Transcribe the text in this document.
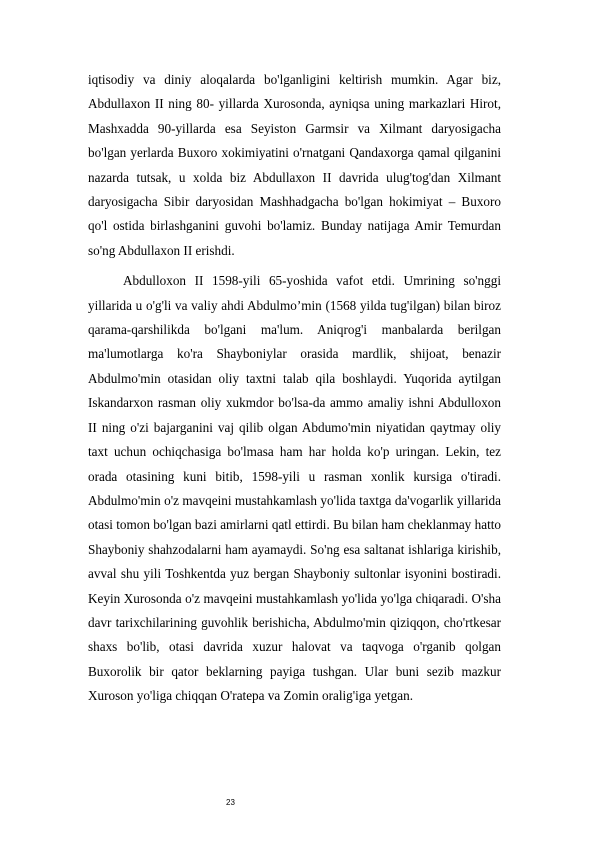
iqtisodiy va diniy aloqalarda bo'lganligini keltirish mumkin. Agar biz, Abdullaxon II ning 80- yillarda Xurosonda, ayniqsa uning markazlari Hirot, Mashxadda 90-yillarda esa Seyiston Garmsir va Xilmant daryosigacha bo'lgan yerlarda Buxoro xokimiyatini o'rnatgani Qandaxorga qamal qilganini nazarda tutsak, u xolda biz Abdullaxon II davrida ulug'tog'dan Xilmant daryosigacha Sibir daryosidan Mashhadgacha bo'lgan hokimiyat – Buxoro qo'l ostida birlashganini guvohi bo'lamiz. Bunday natijaga Amir Temurdan so'ng Abdullaxon II erishdi.

Abdulloxon II 1598-yili 65-yoshida vafot etdi. Umrining so'nggi yillarida u o'g'li va valiy ahdi Abdulmo’min (1568 yilda tug'ilgan) bilan biroz qarama-qarshilikda bo'lgani ma'lum. Aniqrog'i manbalarda berilgan ma'lumotlarga ko'ra Shayboniylar orasida mardlik, shijoat, benazir Abdulmo'min otasidan oliy taxtni talab qila boshlaydi. Yuqorida aytilgan Iskandarxon rasman oliy xukmdor bo'lsa-da ammo amaliy ishni Abdulloxon II ning o'zi bajarganini vaj qilib olgan Abdumo'min niyatidan qaytmay oliy taxt uchun ochiqchasiga bo'lmasa ham har holda ko'p uringan. Lekin, tez orada otasining kuni bitib, 1598-yili u rasman xonlik kursiga o'tiradi. Abdulmo'min o'z mavqeini mustahkamlash yo'lida taxtga da'vogarlik yillarida otasi tomon bo'lgan bazi amirlarni qatl ettirdi. Bu bilan ham cheklanmay hatto Shayboniy shahzodalarni ham ayamaydi. So'ng esa saltanat ishlariga kirishib, avval shu yili Toshkentda yuz bergan Shayboniy sultonlar isyonini bostiradi. Keyin Xurosonda o'z mavqeini mustahkamlash yo'lida yo'lga chiqaradi. O'sha davr tarixchilarining guvohlik berishicha, Abdulmo'min qiziqqon, cho'rtkesar shaxs bo'lib, otasi davrida xuzur halovat va taqvoga o'rganib qolgan Buxorolik bir qator beklarning payiga tushgan. Ular buni sezib mazkur Xuroson yo'liga chiqqan O'ratepa va Zomin oralig'iga yetgan.

23
